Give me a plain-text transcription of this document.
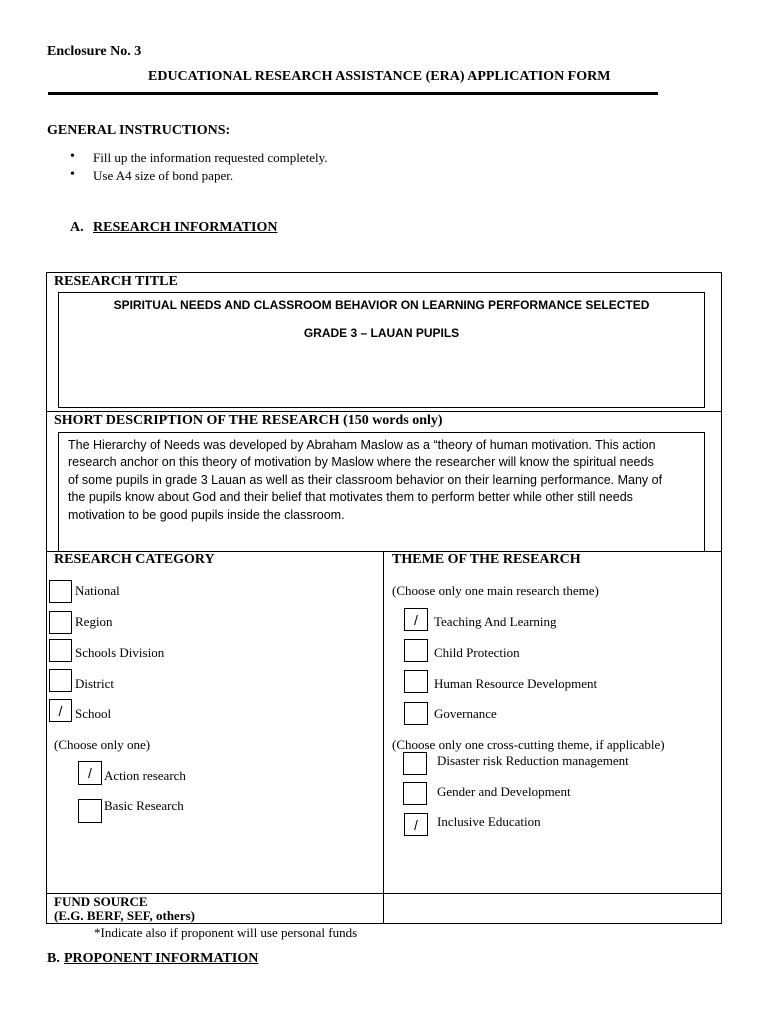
Enclosure No. 3
EDUCATIONAL RESEARCH ASSISTANCE (ERA) APPLICATION FORM
GENERAL INSTRUCTIONS:
• Fill up the information requested completely.
• Use A4 size of bond paper.
A. RESEARCH INFORMATION
RESEARCH TITLE
SPIRITUAL NEEDS AND CLASSROOM BEHAVIOR ON LEARNING PERFORMANCE SELECTED
GRADE 3 – LAUAN PUPILS
SHORT DESCRIPTION OF THE RESEARCH (150 words only)
The Hierarchy of Needs was developed by Abraham Maslow as a “theory of human motivation. This action
research anchor on this theory of motivation by Maslow where the researcher will know the spiritual needs
of some pupils in grade 3 Lauan as well as their classroom behavior on their learning performance. Many of
the pupils know about God and their belief that motivates them to perform better while other still needs
motivation to be good pupils inside the classroom.
RESEARCH CATEGORY
National
Region
Schools Division
District
/ School
(Choose only one)
/ Action research
Basic Research
THEME OF THE RESEARCH
(Choose only one main research theme)
/	Teaching And Learning
Child Protection
Human Resource Development
Governance
(Choose only one cross-cutting theme, if applicable)
Disaster risk Reduction management
Gender and Development
/	Inclusive Education
FUND SOURCE
(E.G. BERF, SEF, others)
*Indicate also if proponent will use personal funds
B. PROPONENT INFORMATION
